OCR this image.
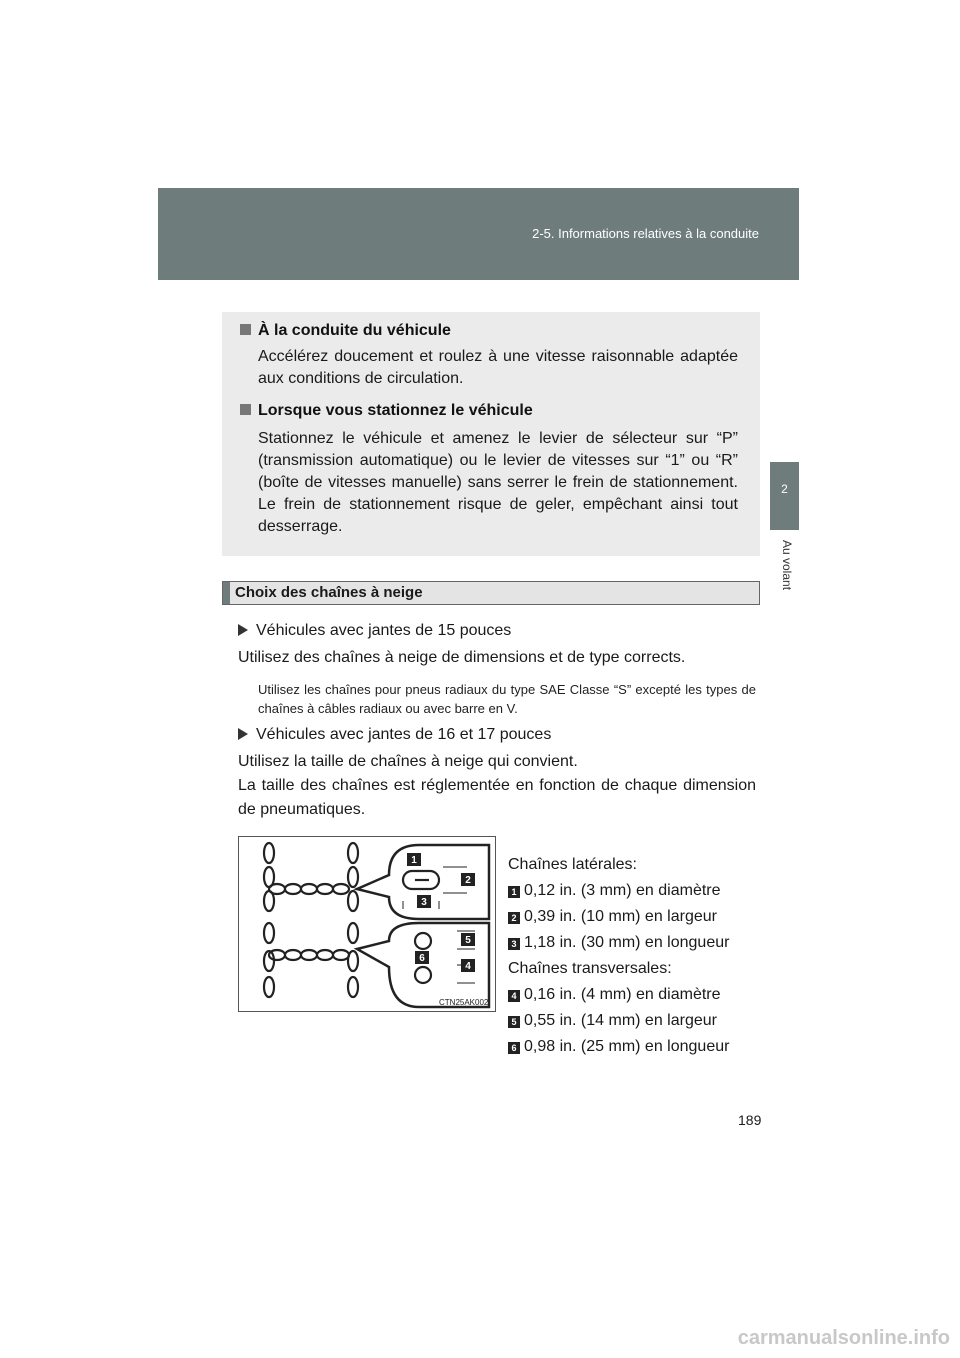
2-5. Informations relatives à la conduite
2
Au volant
À la conduite du véhicule
Accélérez doucement et roulez à une vitesse raisonnable adaptée aux conditions de circulation.
Lorsque vous stationnez le véhicule
Stationnez le véhicule et amenez le levier de sélecteur sur “P” (transmission automatique) ou le levier de vitesses sur “1” ou “R” (boîte de vitesses manuelle) sans serrer le frein de stationnement. Le frein de stationnement risque de geler, empêchant ainsi tout desserrage.
Choix des chaînes à neige
Véhicules avec jantes de 15 pouces
Utilisez des chaînes à neige de dimensions et de type corrects.
Utilisez les chaînes pour pneus radiaux du type SAE Classe “S” excepté les types de chaînes à câbles radiaux ou avec barre en V.
Véhicules avec jantes de 16 et 17 pouces
Utilisez la taille de chaînes à neige qui convient.
La taille des chaînes est réglementée en fonction de chaque dimension de pneumatiques.
1
2
3
4
5
6
CTN25AK002
Chaînes latérales:
1 0,12 in. (3 mm) en diamètre
2 0,39 in. (10 mm) en largeur
3 1,18 in. (30 mm) en longueur
Chaînes transversales:
4 0,16 in. (4 mm) en diamètre
5 0,55 in. (14 mm) en largeur
6 0,98 in. (25 mm) en longueur
189
carmanualsonline.info
